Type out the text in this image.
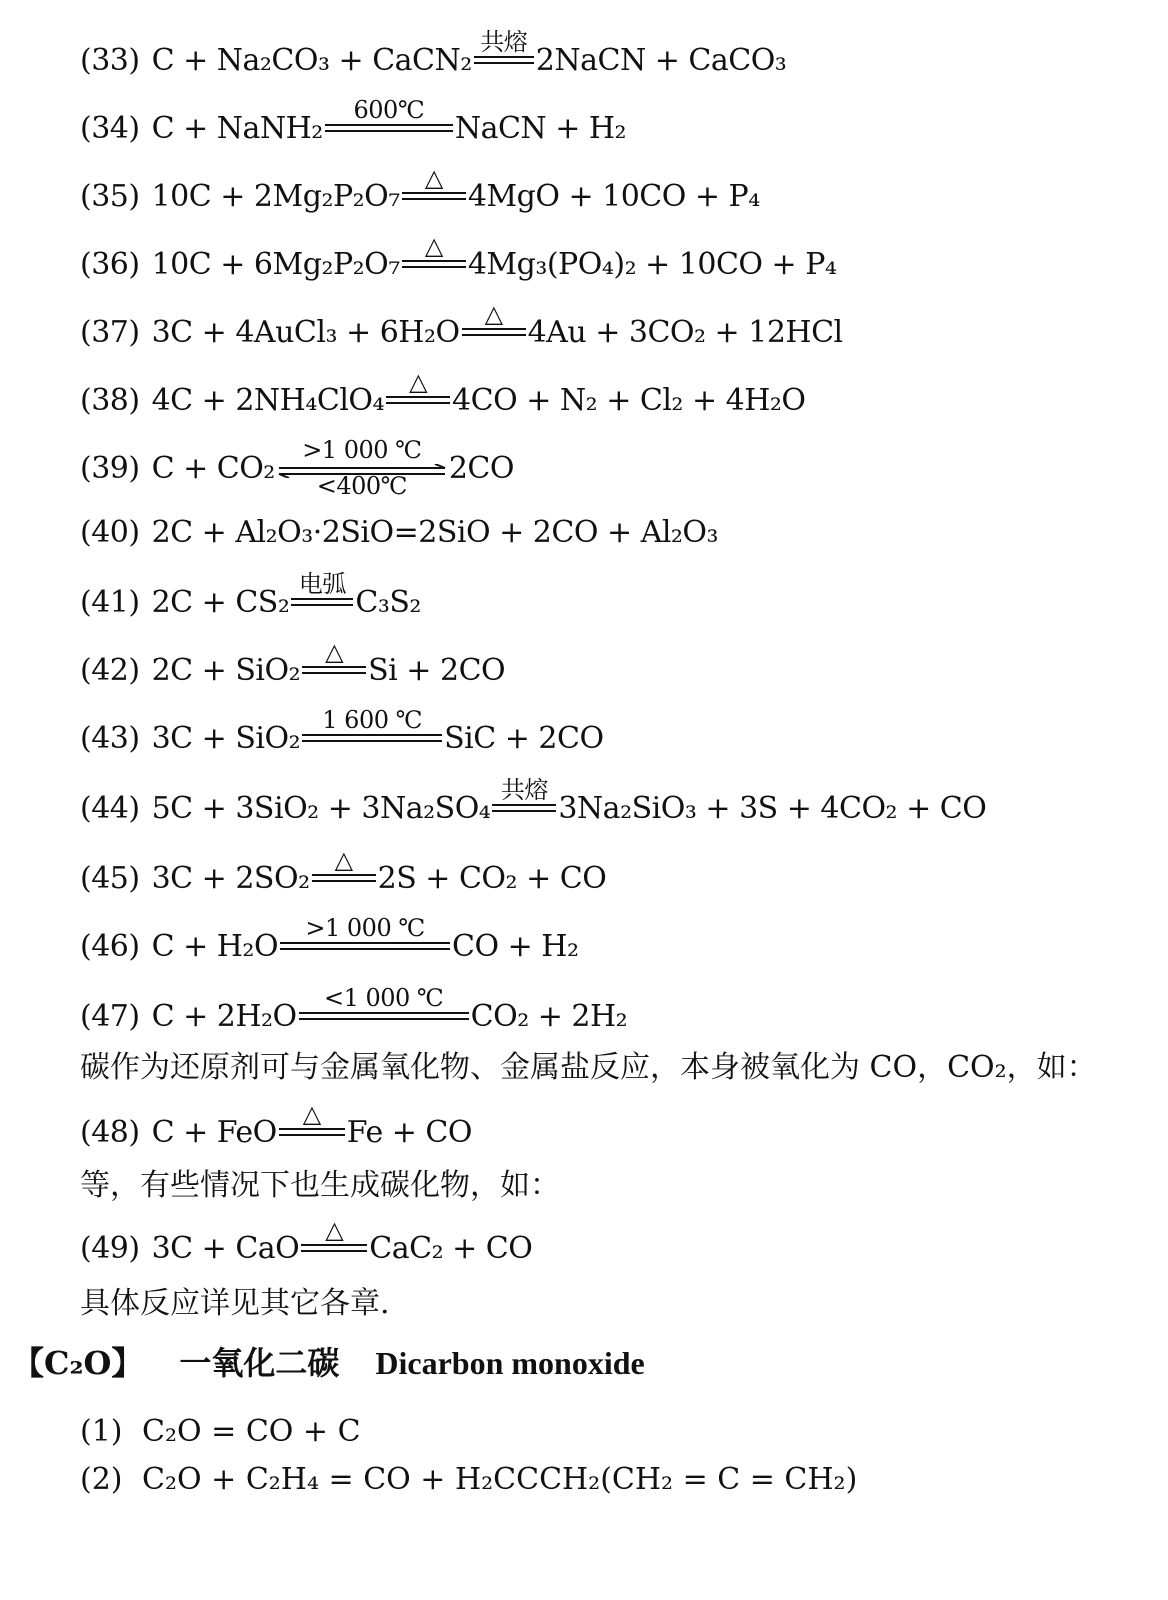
(33) C + Na₂CO₃ + CaCN₂
共熔
2NaCN + CaCO₃
(34) C + NaNH₂
600℃
NaCN + H₂
(35) 10C + 2Mg₂P₂O₇
△
4MgO + 10CO + P₄
(36) 10C + 6Mg₂P₂O₇
△
4Mg₃(PO₄)₂ + 10CO + P₄
(37) 3C + 4AuCl₃ + 6H₂O
△
4Au + 3CO₂ + 12HCl
(38) 4C + 2NH₄ClO₄
△
4CO + N₂ + Cl₂ + 4H₂O
(39) C + CO₂
>1 000 ℃
<400℃
2CO
(40) 2C + Al₂O₃·2SiO = 2SiO + 2CO + Al₂O₃
(41) 2C + CS₂
电弧
C₃S₂
(42) 2C + SiO₂
△
Si + 2CO
(43) 3C + SiO₂
1 600 ℃
SiC + 2CO
(44) 5C + 3SiO₂ + 3Na₂SO₄
共熔
3Na₂SiO₃ + 3S + 4CO₂ + CO
(45) 3C + 2SO₂
△
2S + CO₂ + CO
(46) C + H₂O
>1 000 ℃
CO + H₂
(47) C + 2H₂O
<1 000 ℃
CO₂ + 2H₂
碳作为还原剂可与金属氧化物、金属盐反应，本身被氧化为 CO，CO₂，如：
(48) C + FeO
△
Fe + CO
等，有些情况下也生成碳化物，如：
(49) 3C + CaO
△
CaC₂ + CO
具体反应详见其它各章.
【C₂O】 一氧化二碳 Dicarbon monoxide
(1) C₂O = CO + C
(2) C₂O + C₂H₄ = CO + H₂CCCH₂(CH₂ = C = CH₂)
